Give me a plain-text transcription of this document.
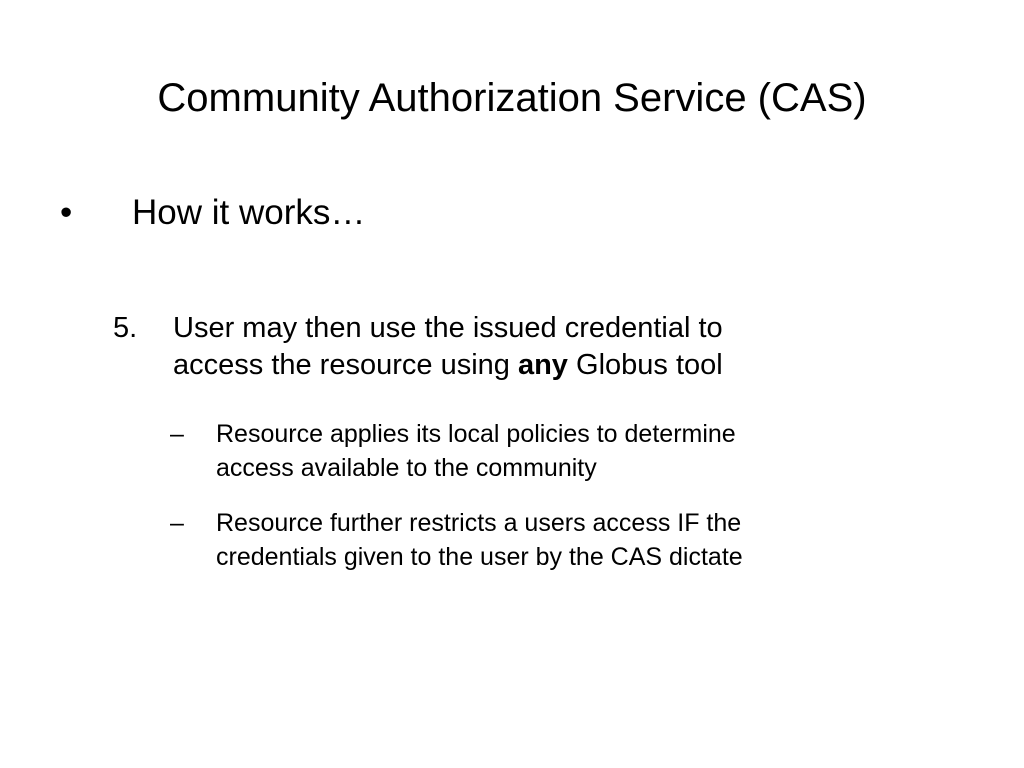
Community Authorization Service (CAS)
• How it works…
5. User may then use the issued credential to
access the resource using any Globus tool
– Resource applies its local policies to determine
access available to the community
– Resource further restricts a users access IF the
credentials given to the user by the CAS dictate
